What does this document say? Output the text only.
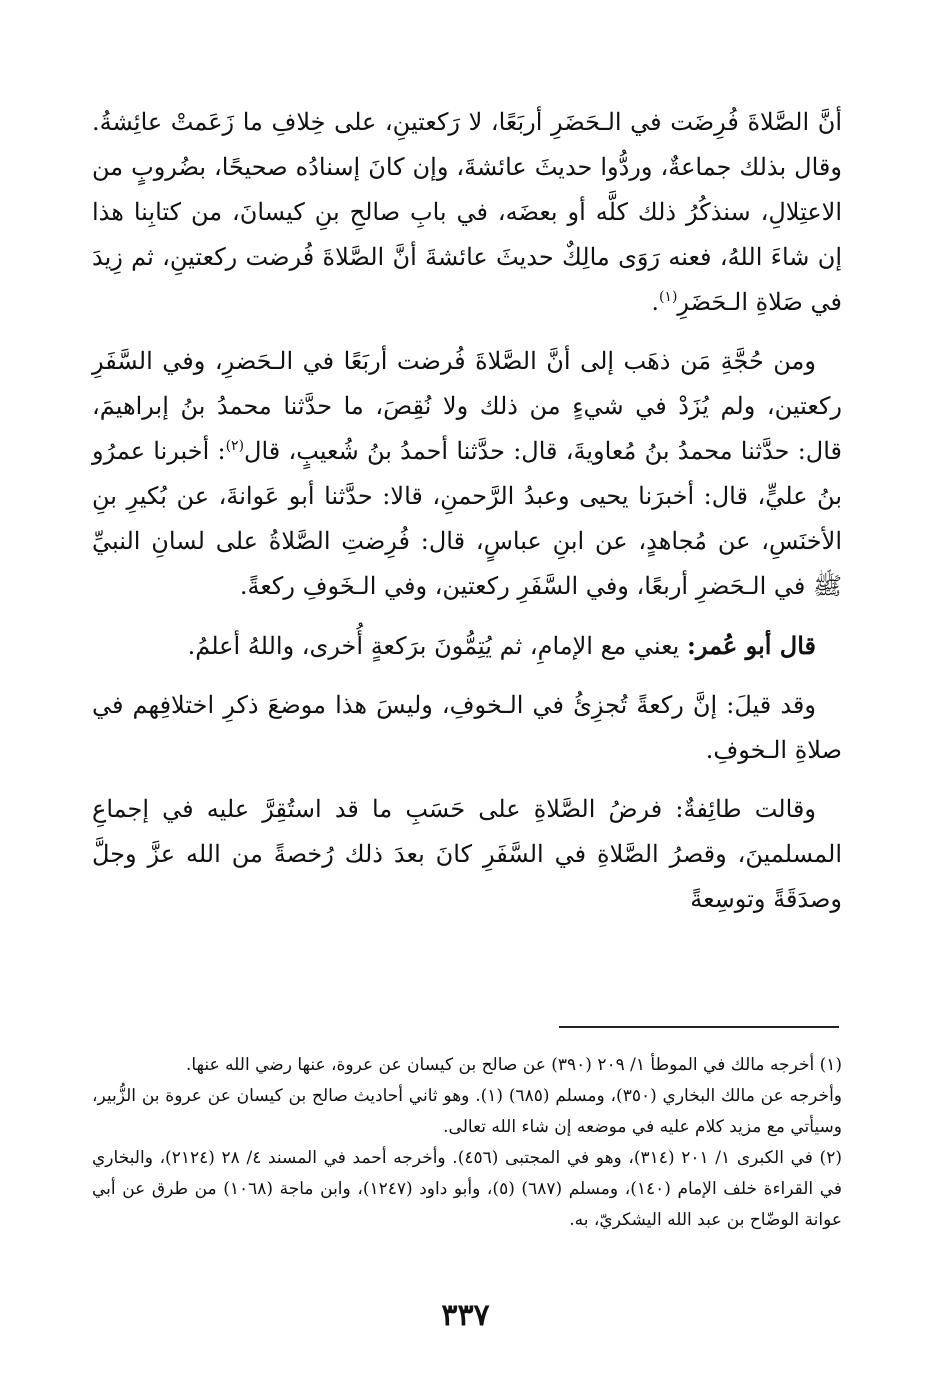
أنَّ الصَّلاةَ فُرِضَت في الـحَضَرِ أربَعًا، لا رَكعتينِ، على خِلافِ ما زَعَمتْ عائِشةُ. وقال بذلك جماعةٌ، وردُّوا حديثَ عائشةَ، وإن كانَ إسنادُه صحيحًا، بضُروبٍ من الاعتِلالِ، سنذكُرُ ذلك كلَّه أو بعضَه، في بابِ صالحِ بنِ كيسانَ، من كتابِنا هذا إن شاءَ اللهُ، فعنه رَوَى مالِكٌ حديثَ عائشةَ أنَّ الصَّلاةَ فُرضت ركعتينِ، ثم زِيدَ في صَلاةِ الـحَضَرِ$^{(١)}$.

ومن حُجَّةِ مَن ذهَب إلى أنَّ الصَّلاةَ فُرضت أربَعًا في الـحَضرِ، وفي السَّفَرِ ركعتين، ولم يُزَدْ في شيءٍ من ذلك ولا نُقِصَ، ما حدَّثنا محمدُ بنُ إبراهيمَ، قال: حدَّثنا محمدُ بنُ مُعاويةَ، قال: حدَّثنا أحمدُ بنُ شُعيبٍ، قال$^{(٢)}$: أخبرنا عمرُو بنُ عليٍّ، قال: أخبرَنا يحيى وعبدُ الرَّحمنِ، قالا: حدَّثنا أبو عَوانةَ، عن بُكيرِ بنِ الأخنَسِ، عن مُجاهدٍ، عن ابنِ عباسٍ، قال: فُرِضتِ الصَّلاةُ على لسانِ النبيِّ ﷺ في الـحَضرِ أربعًا، وفي السَّفَرِ ركعتين، وفي الـخَوفِ ركعةً.

قال أبو عُمر: يعني مع الإمامِ، ثم يُتِمُّونَ برَكعةٍ أُخرى، واللهُ أعلمُ.

وقد قيلَ: إنَّ ركعةً تُجزِئُ في الـخوفِ، وليسَ هذا موضعَ ذكرِ اختلافِهم في صلاةِ الـخوفِ.

وقالت طائِفةٌ: فرضُ الصَّلاةِ على حَسَبِ ما قد استُقِرَّ عليه في إجماعِ المسلمينَ، وقصرُ الصَّلاةِ في السَّفَرِ كانَ بعدَ ذلك رُخصةً من الله عزَّ وجلَّ وصدَقَةً وتوسِعةً

(١) أخرجه مالك في الموطأ ١/ ٢٠٩ (٣٩٠) عن صالح بن كيسان عن عروة، عنها رضي الله عنها.

وأخرجه عن مالك البخاري (٣٥٠)، ومسلم (٦٨٥) (١). وهو ثاني أحاديث صالح بن كيسان عن عروة بن الزُّبير، وسيأتي مع مزيد كلام عليه في موضعه إن شاء الله تعالى.

(٢) في الكبرى ١/ ٢٠١ (٣١٤)، وهو في المجتبى (٤٥٦). وأخرجه أحمد في المسند ٤/ ٢٨ (٢١٢٤)، والبخاري في القراءة خلف الإمام (١٤٠)، ومسلم (٦٨٧) (٥)، وأبو داود (١٢٤٧)، وابن ماجة (١٠٦٨) من طرق عن أبي عوانة الوضّاح بن عبد الله اليشكريّ، به.

٣٣٧
